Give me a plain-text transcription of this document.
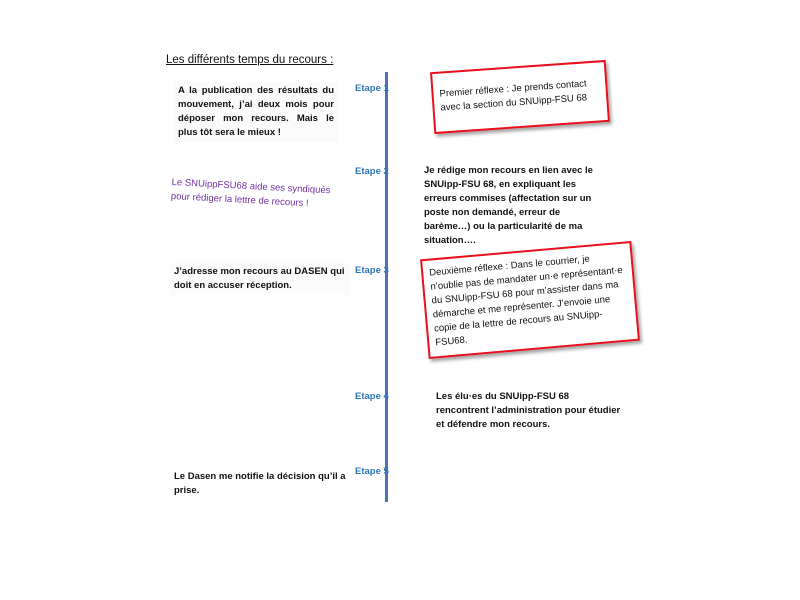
Les différents temps du recours :
Etape 1
Etape 2
Etape 3
Etape 4
Etape 5
A la publication des résultats du mouvement, j’ai deux mois pour déposer mon recours. Mais le plus tôt sera le mieux !
Le SNUippFSU68 aide ses syndiqués pour rédiger la lettre de recours !
J’adresse mon recours au DASEN qui doit en accuser réception.
Le Dasen me notifie la décision qu’il a prise.
Premier réflexe : Je prends contact avec la section du SNUipp-FSU 68
Je rédige mon recours en lien avec le SNUipp-FSU 68, en expliquant les erreurs commises (affectation sur un poste non demandé, erreur de barème…) ou la particularité de ma situation….
Deuxième réflexe : Dans le courrier, je n’oublie pas de mandater un·e représentant·e du SNUipp-FSU 68 pour m’assister dans ma démarche et me représenter. J’envoie une copie de la lettre de recours au SNUipp-FSU68.
Les élu·es du SNUipp-FSU 68 rencontrent l’administration pour étudier et défendre mon recours.
